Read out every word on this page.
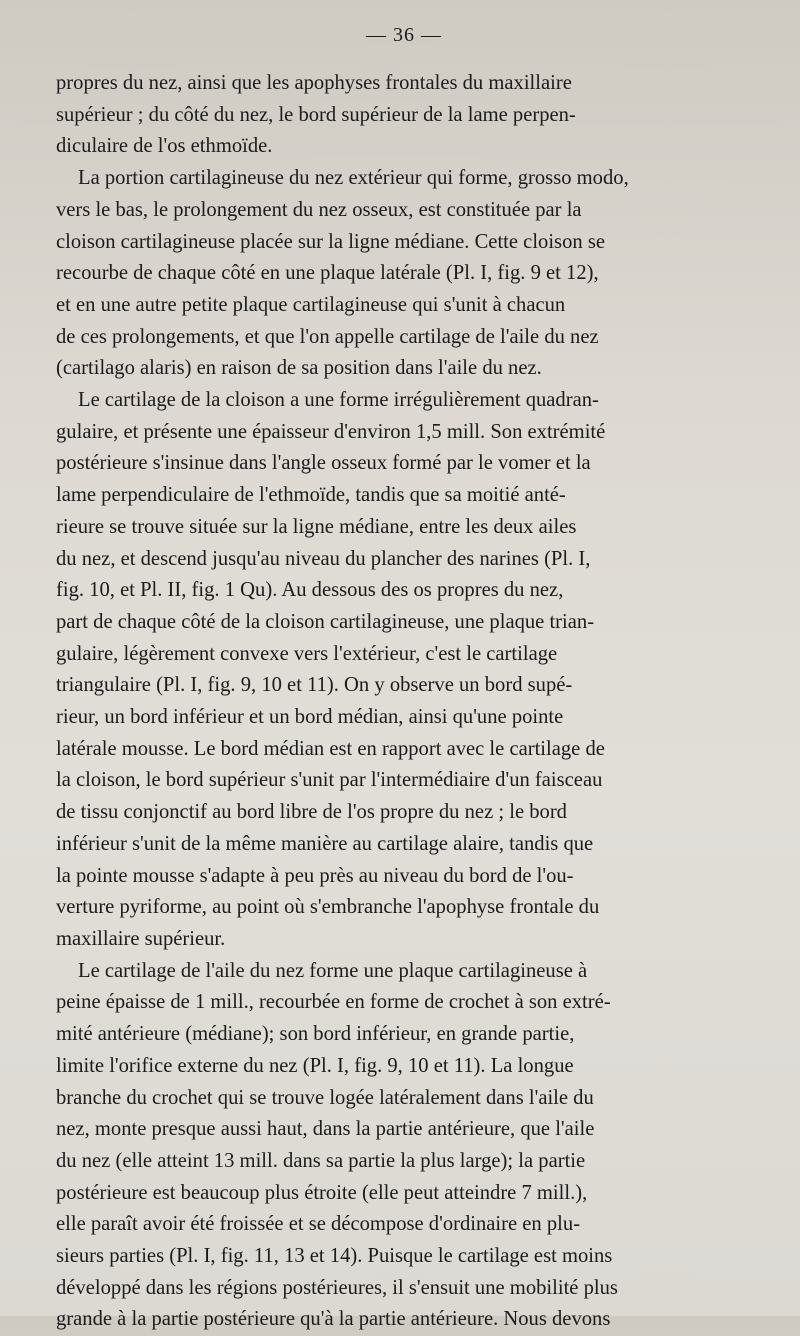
— 36 —
propres du nez, ainsi que les apophyses frontales du maxillaire
supérieur ; du côté du nez, le bord supérieur de la lame perpen-
diculaire de l'os ethmoïde.
La portion cartilagineuse du nez extérieur qui forme, grosso modo,
vers le bas, le prolongement du nez osseux, est constituée par la
cloison cartilagineuse placée sur la ligne médiane. Cette cloison se
recourbe de chaque côté en une plaque latérale (Pl. I, fig. 9 et 12),
et en une autre petite plaque cartilagineuse qui s'unit à chacun
de ces prolongements, et que l'on appelle cartilage de l'aile du nez
(cartilago alaris) en raison de sa position dans l'aile du nez.
Le cartilage de la cloison a une forme irrégulièrement quadran-
gulaire, et présente une épaisseur d'environ 1,5 mill. Son extrémité
postérieure s'insinue dans l'angle osseux formé par le vomer et la
lame perpendiculaire de l'ethmoïde, tandis que sa moitié anté-
rieure se trouve située sur la ligne médiane, entre les deux ailes
du nez, et descend jusqu'au niveau du plancher des narines (Pl. I,
fig. 10, et Pl. II, fig. 1 Qu). Au dessous des os propres du nez,
part de chaque côté de la cloison cartilagineuse, une plaque trian-
gulaire, légèrement convexe vers l'extérieur, c'est le cartilage
triangulaire (Pl. I, fig. 9, 10 et 11). On y observe un bord supé-
rieur, un bord inférieur et un bord médian, ainsi qu'une pointe
latérale mousse. Le bord médian est en rapport avec le cartilage de
la cloison, le bord supérieur s'unit par l'intermédiaire d'un faisceau
de tissu conjonctif au bord libre de l'os propre du nez ; le bord
inférieur s'unit de la même manière au cartilage alaire, tandis que
la pointe mousse s'adapte à peu près au niveau du bord de l'ou-
verture pyriforme, au point où s'embranche l'apophyse frontale du
maxillaire supérieur.
Le cartilage de l'aile du nez forme une plaque cartilagineuse à
peine épaisse de 1 mill., recourbée en forme de crochet à son extré-
mité antérieure (médiane); son bord inférieur, en grande partie,
limite l'orifice externe du nez (Pl. I, fig. 9, 10 et 11). La longue
branche du crochet qui se trouve logée latéralement dans l'aile du
nez, monte presque aussi haut, dans la partie antérieure, que l'aile
du nez (elle atteint 13 mill. dans sa partie la plus large); la partie
postérieure est beaucoup plus étroite (elle peut atteindre 7 mill.),
elle paraît avoir été froissée et se décompose d'ordinaire en plu-
sieurs parties (Pl. I, fig. 11, 13 et 14). Puisque le cartilage est moins
développé dans les régions postérieures, il s'ensuit une mobilité plus
grande à la partie postérieure qu'à la partie antérieure. Nous devons
